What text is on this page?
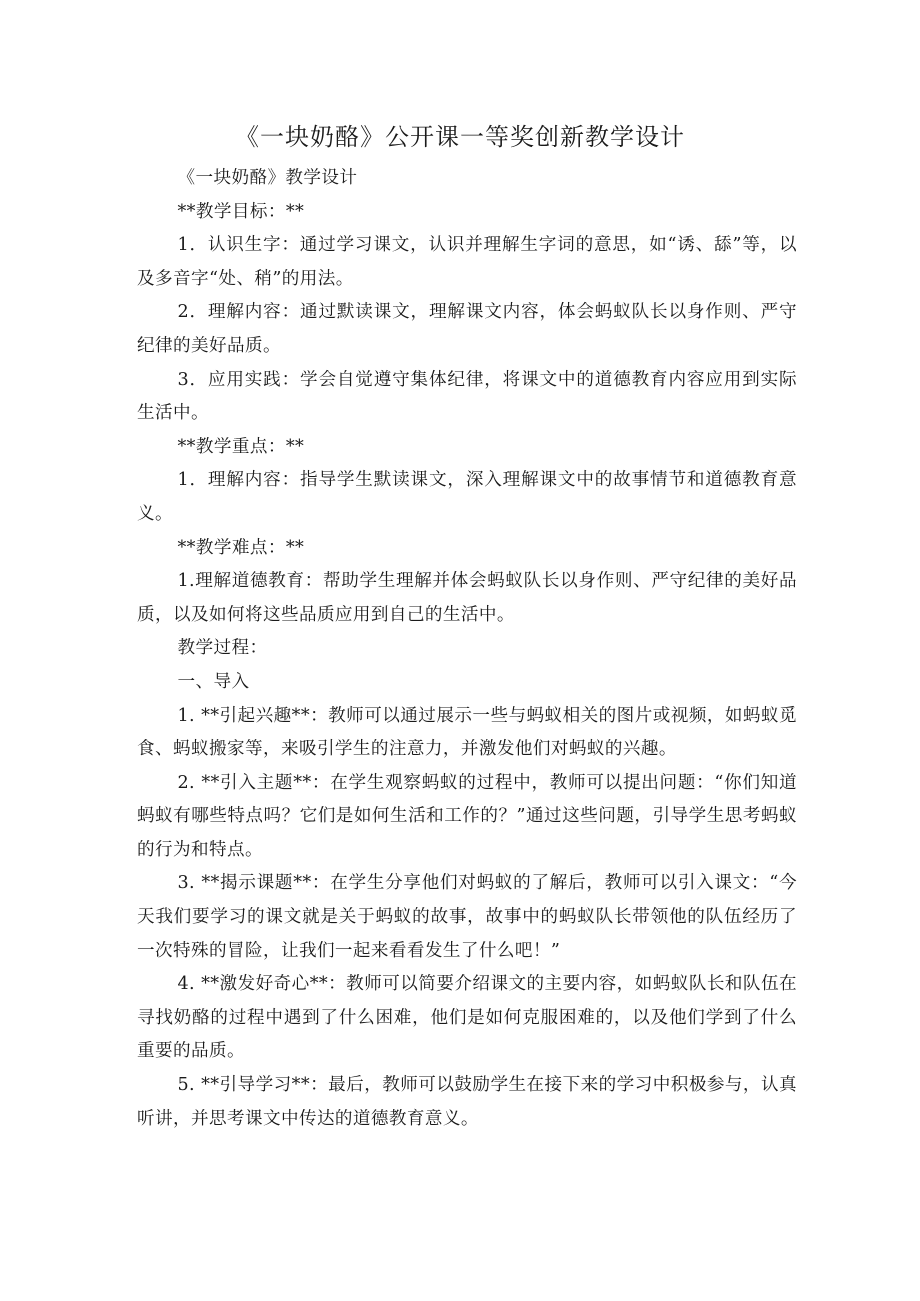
《一块奶酪》公开课一等奖创新教学设计

《一块奶酪》教学设计

**教学目标：**

1．认识生字：通过学习课文，认识并理解生字词的意思，如“诱、舔”等，以及多音字“处、稍”的用法。

2．理解内容：通过默读课文，理解课文内容，体会蚂蚁队长以身作则、严守纪律的美好品质。

3．应用实践：学会自觉遵守集体纪律，将课文中的道德教育内容应用到实际生活中。

**教学重点：**

1．理解内容：指导学生默读课文，深入理解课文中的故事情节和道德教育意义。

**教学难点：**

1.理解道德教育：帮助学生理解并体会蚂蚁队长以身作则、严守纪律的美好品质，以及如何将这些品质应用到自己的生活中。

教学过程：

一、导入

1. **引起兴趣**：教师可以通过展示一些与蚂蚁相关的图片或视频，如蚂蚁觅食、蚂蚁搬家等，来吸引学生的注意力，并激发他们对蚂蚁的兴趣。

2. **引入主题**：在学生观察蚂蚁的过程中，教师可以提出问题：“你们知道蚂蚁有哪些特点吗？它们是如何生活和工作的？”通过这些问题，引导学生思考蚂蚁的行为和特点。

3. **揭示课题**：在学生分享他们对蚂蚁的了解后，教师可以引入课文：“今天我们要学习的课文就是关于蚂蚁的故事，故事中的蚂蚁队长带领他的队伍经历了一次特殊的冒险，让我们一起来看看发生了什么吧！”

4. **激发好奇心**：教师可以简要介绍课文的主要内容，如蚂蚁队长和队伍在寻找奶酪的过程中遇到了什么困难，他们是如何克服困难的，以及他们学到了什么重要的品质。

5. **引导学习**：最后，教师可以鼓励学生在接下来的学习中积极参与，认真听讲，并思考课文中传达的道德教育意义。
